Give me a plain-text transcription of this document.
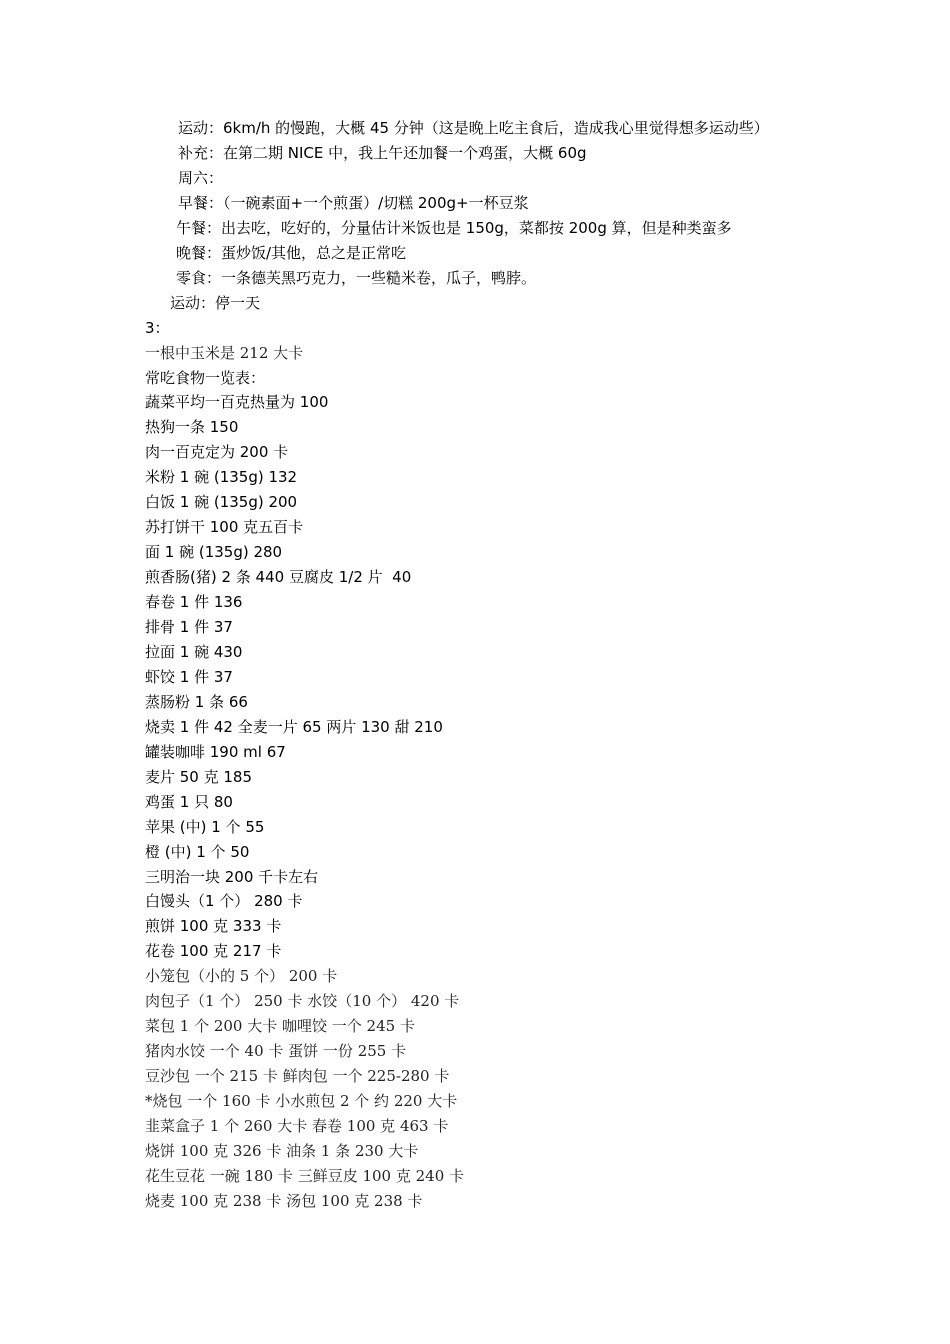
运动：6km/h 的慢跑，大概 45 分钟（这是晚上吃主食后，造成我心里觉得想多运动些）
补充：在第二期 NICE 中，我上午还加餐一个鸡蛋，大概 60g
周六：
早餐：（一碗素面+一个煎蛋）/切糕 200g+一杯豆浆
午餐：出去吃，吃好的，分量估计米饭也是 150g，菜都按 200g 算，但是种类蛮多
晚餐：蛋炒饭/其他，总之是正常吃
零食：一条德芙黑巧克力，一些糙米卷，瓜子，鸭脖。
运动：停一天
3：
一根中玉米是 212 大卡
常吃食物一览表：
蔬菜平均一百克热量为 100
热狗一条 150
肉一百克定为 200 卡
米粉 1 碗 (135g) 132
白饭 1 碗 (135g) 200
苏打饼干 100 克五百卡
面 1 碗 (135g) 280
煎香肠(猪) 2 条 440 豆腐皮 1/2 片  40
春卷 1 件 136
排骨 1 件 37
拉面 1 碗 430
虾饺 1 件 37
蒸肠粉 1 条 66
烧卖 1 件 42 全麦一片 65 两片 130 甜 210
罐装咖啡 190 ml 67
麦片 50 克 185
鸡蛋 1 只 80
苹果 (中) 1 个 55
橙 (中) 1 个 50
三明治一块 200 千卡左右
白馒头（1 个） 280 卡
煎饼 100 克 333 卡
花卷 100 克 217 卡
小笼包（小的 5 个） 200 卡
肉包子（1 个） 250 卡 水饺（10 个） 420 卡
菜包 1 个 200 大卡 咖哩饺 一个 245 卡
猪肉水饺 一个 40 卡 蛋饼 一份 255 卡
豆沙包 一个 215 卡 鲜肉包 一个 225-280 卡
*烧包 一个 160 卡 小水煎包 2 个 约 220 大卡
韭菜盒子 1 个 260 大卡 春卷 100 克 463 卡
烧饼 100 克 326 卡 油条 1 条 230 大卡
花生豆花 一碗 180 卡 三鲜豆皮 100 克 240 卡
烧麦 100 克 238 卡 汤包 100 克 238 卡
